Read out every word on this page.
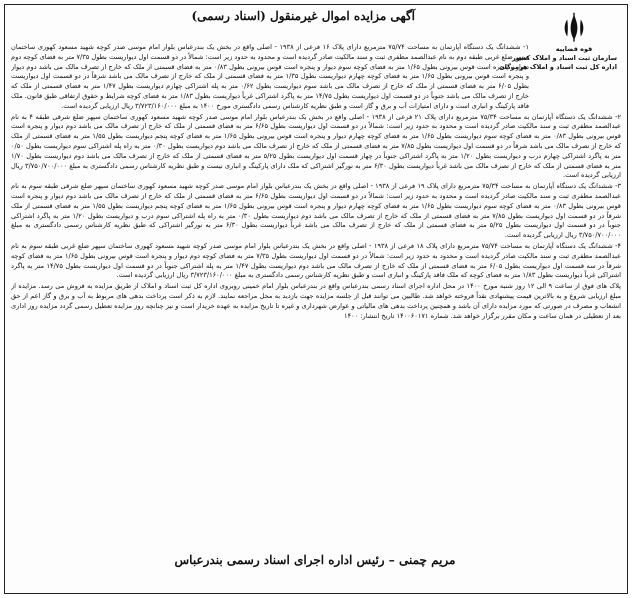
آگهی مزایده اموال غیرمنقول (اسناد رسمی)
قوه قضاییه
سازمان ثبت اسناد و املاک کشور
اداره کل ثبت اسناد و املاک هرمزگان

۱- ششدانگ یک دستگاه آپارتمان به مساحت ۷۵/۷۴ مترمربع دارای پلاک ۱۶ فرعی از ۱۹۳۸ - اصلی واقع در بخش یک بندرعباس بلوار امام موسی صدر کوچه شهید مسعود کهوری ساختمان سپهر ضلع غربی طبقه دوم به نام عبدالصمد مظفری ثبت و سند مالکیت صادر گردیده است و محدود به حدود زیر است: شمالاً در دو قسمت اول دیواریست بطول ۷/۳۵ متر به فضای کوچه دوم دیوار و پنجره است قوس بیرونی بطول ۱/۶۵ متر به فضای کوچه سوم دیوار و پنجره است قوس بیرونی بطول ۰/۸۳ متر به فضای قسمتی از ملک که خارج از تصرف مالک می باشد دوم دیوار و پنجره است قوس بیرونی بطول ۱/۶۵ متر به فضای کوچه چهارم دیواریست بطول ۱/۳۵ متر به فضای قسمتی از ملک که خارج از تصرف مالک می باشد شرقاً در دو قسمت اول دیواریست بطول ۶/۰۵ متر به فضای قسمتی از ملک که خارج از تصرف مالک می باشد سوم دیواریست بطول ۰/۶۲ متر به پله اشتراکی چهارم دیواریست بطول ۱/۴۷ متر به فضای قسمتی از ملک که خارج از تصرف مالک می باشد جنوباً در دو قسمت اول دیواریست بطول ۱۴/۷۵ متر به پاگرد اشتراکی غرباً دیواریست بطول ۱/۸۳ متر به فضای کوچه شرایط و حقوق ارتفاقی طبق قانون. ملک فاقد پارکینگ و انباری است و دارای امتیازات آب و برق و گاز است و طبق نظریه کارشناس رسمی دادگستری مورخ ۱۴۰۰ به مبلغ ۳/۷۲۳/۱۶۰/۰۰۰ ریال ارزیابی گردیده است.

۲- ششدانگ یک دستگاه آپارتمان به مساحت ۷۵/۳۴ مترمربع دارای پلاک ۲۱ فرعی از ۱۹۳۸ - اصلی واقع در بخش یک بندرعباس بلوار امام موسی صدر کوچه شهید مسعود کهوری ساختمان سپهر ضلع شرقی طبقه ۴ به نام عبدالصمد مظفری ثبت و سند مالکیت صادر گردیده است و محدود به حدود زیر است: شمالاً در دو قسمت اول دیواریست بطول ۶/۶۵ متر به فضای قسمتی از ملک که خارج از تصرف مالک می باشد دوم دیوار و پنجره است قوس بیرونی بطول ۰/۸۳ متر به فضای کوچه سوم دیواریست بطول ۱/۶۵ متر به فضای کوچه چهارم دیوار و پنجره است قوس بیرونی بطول ۱/۶۵ متر به فضای کوچه پنجم دیواریست بطول ۱/۵۵ متر به فضای قسمتی از ملک که خارج از تصرف مالک می باشد شرقاً در دو قسمت اول دیواریست بطول ۷/۸۵ متر به فضای قسمتی از ملک که خارج از تصرف مالک می باشد دوم دیواریست بطول ۰/۳۰ متر به راه پله اشتراکی سوم دیواریست بطول ۰/۵۰ متر به پاگرد اشتراکی چهارم درب و دیواریست بطول ۱/۲۰ متر به پاگرد اشتراکی جنوباً در چهار قسمت اول دیواریست بطول ۵/۲۵ متر به فضای قسمتی از ملک که خارج از تصرف مالک می باشد دوم دیواریست بطول ۱/۷۰ متر به فضای قسمتی از ملک که خارج از تصرف مالک می باشد غرباً دیواریست بطول ۶/۳۰ متر به نورگیر اشتراکی که ملک دارای پارکینگ و انباری نیست و طبق نظریه کارشناس رسمی دادگستری به مبلغ ۳/۷۵۰/۷۰۰/۰۰۰ ریال ارزیابی گردیده است.

۳- ششدانگ یک دستگاه آپارتمان به مساحت ۷۵/۳۴ مترمربع دارای پلاک ۱۹ فرعی از ۱۹۳۸ - اصلی واقع در بخش یک بندرعباس بلوار امام موسی صدر کوچه شهید مسعود کهوری ساختمان سپهر ضلع شرقی طبقه سوم به نام عبدالصمد مظفری ثبت و سند مالکیت صادر گردیده است و محدود به حدود زیر است: شمالاً در دو قسمت اول دیواریست بطول ۶/۶۵ متر به فضای قسمتی از ملک که خارج از تصرف مالک می باشد دوم دیوار و پنجره است قوس بیرونی بطول ۰/۸۳ متر به فضای کوچه سوم دیواریست بطول ۱/۶۵ متر به فضای کوچه چهارم دیوار و پنجره است قوس بیرونی بطول ۱/۶۵ متر به فضای کوچه پنجم دیواریست بطول ۱/۵۵ متر به فضای قسمتی از ملک شرقاً در دو قسمت اول دیواریست بطول ۷/۸۵ متر به فضای قسمتی از ملک که خارج از تصرف مالک می باشد دوم دیواریست بطول ۰/۳۰ متر به راه پله اشتراکی سوم درب و دیواریست بطول ۱/۲۰ متر به پاگرد اشتراکی جنوباً در دو قسمت اول دیواریست بطول ۵/۲۵ متر به فضای قسمتی از ملک که خارج از تصرف مالک می باشد غرباً دیواریست بطول ۶/۳۰ متر به نورگیر اشتراکی که طبق نظریه کارشناس رسمی دادگستری به مبلغ ۳/۷۵۰/۷۰۰/۰۰۰ ریال ارزیابی گردیده است.

۴- ششدانگ یک دستگاه آپارتمان به مساحت ۷۵/۷۴ مترمربع دارای پلاک ۱۸ فرعی از ۱۹۳۸ - اصلی واقع در بخش یک بندرعباس بلوار امام موسی صدر کوچه شهید مسعود کهوری ساختمان سپهر ضلع غربی طبقه سوم به نام عبدالصمد مظفری ثبت و سند مالکیت صادر گردیده است و محدود به حدود زیر است: شمالاً در دو قسمت اول دیواریست بطول ۷/۳۵ متر به فضای کوچه دوم دیوار و پنجره است قوس بیرونی بطول ۱/۶۵ متر به فضای کوچه شرقاً در سه قسمت اول دیواریست بطول ۶/۰۵ متر به فضای قسمتی از ملک که خارج از تصرف مالک می باشد دوم دیواریست بطول ۱/۴۷ متر به پله اشتراکی جنوباً در دو قسمت اول دیواریست بطول ۱۴/۷۵ متر به پاگرد اشتراکی غرباً دیواریست بطول ۱/۸۳ متر به فضای کوچه که ملک فاقد پارکینگ و انباری است و طبق نظریه کارشناس رسمی دادگستری به مبلغ ۳/۷۲۳/۱۶۰/۰۰۰ ریال ارزیابی گردیده است.

پلاک های فوق از ساعت ۹ الی ۱۲ روز شنبه مورخ ۱۴۰۰ در محل اداره اجرای اسناد رسمی بندرعباس واقع در بندرعباس بلوار امام خمینی روبروی اداره کل ثبت اسناد و املاک از طریق مزایده به فروش می رسد. مزایده از مبلغ ارزیابی شروع و به بالاترین قیمت پیشنهادی نقداً فروخته خواهد شد. طالبین می توانند قبل از جلسه مزایده جهت بازدید به محل مراجعه نمایند. لازم به ذکر است پرداخت بدهی های مربوط به آب و برق و گاز اعم از حق انشعاب و مصرف در صورتی که مورد مزایده دارای آن باشد و همچنین پرداخت بدهی های مالیاتی و عوارض شهرداری و غیره تا تاریخ مزایده به عهده خریدار است و نیز چنانچه روز مزایده تعطیل رسمی گردد مزایده روز اداری بعد از تعطیلی در همان ساعت و مکان مقرر برگزار خواهد شد. شماره ۱۴۰۰۶۰۱۷۱ تاریخ انتشار: ۱۴۰۰

مریم چمنی – رئیس اداره اجرای اسناد رسمی بندرعباس
